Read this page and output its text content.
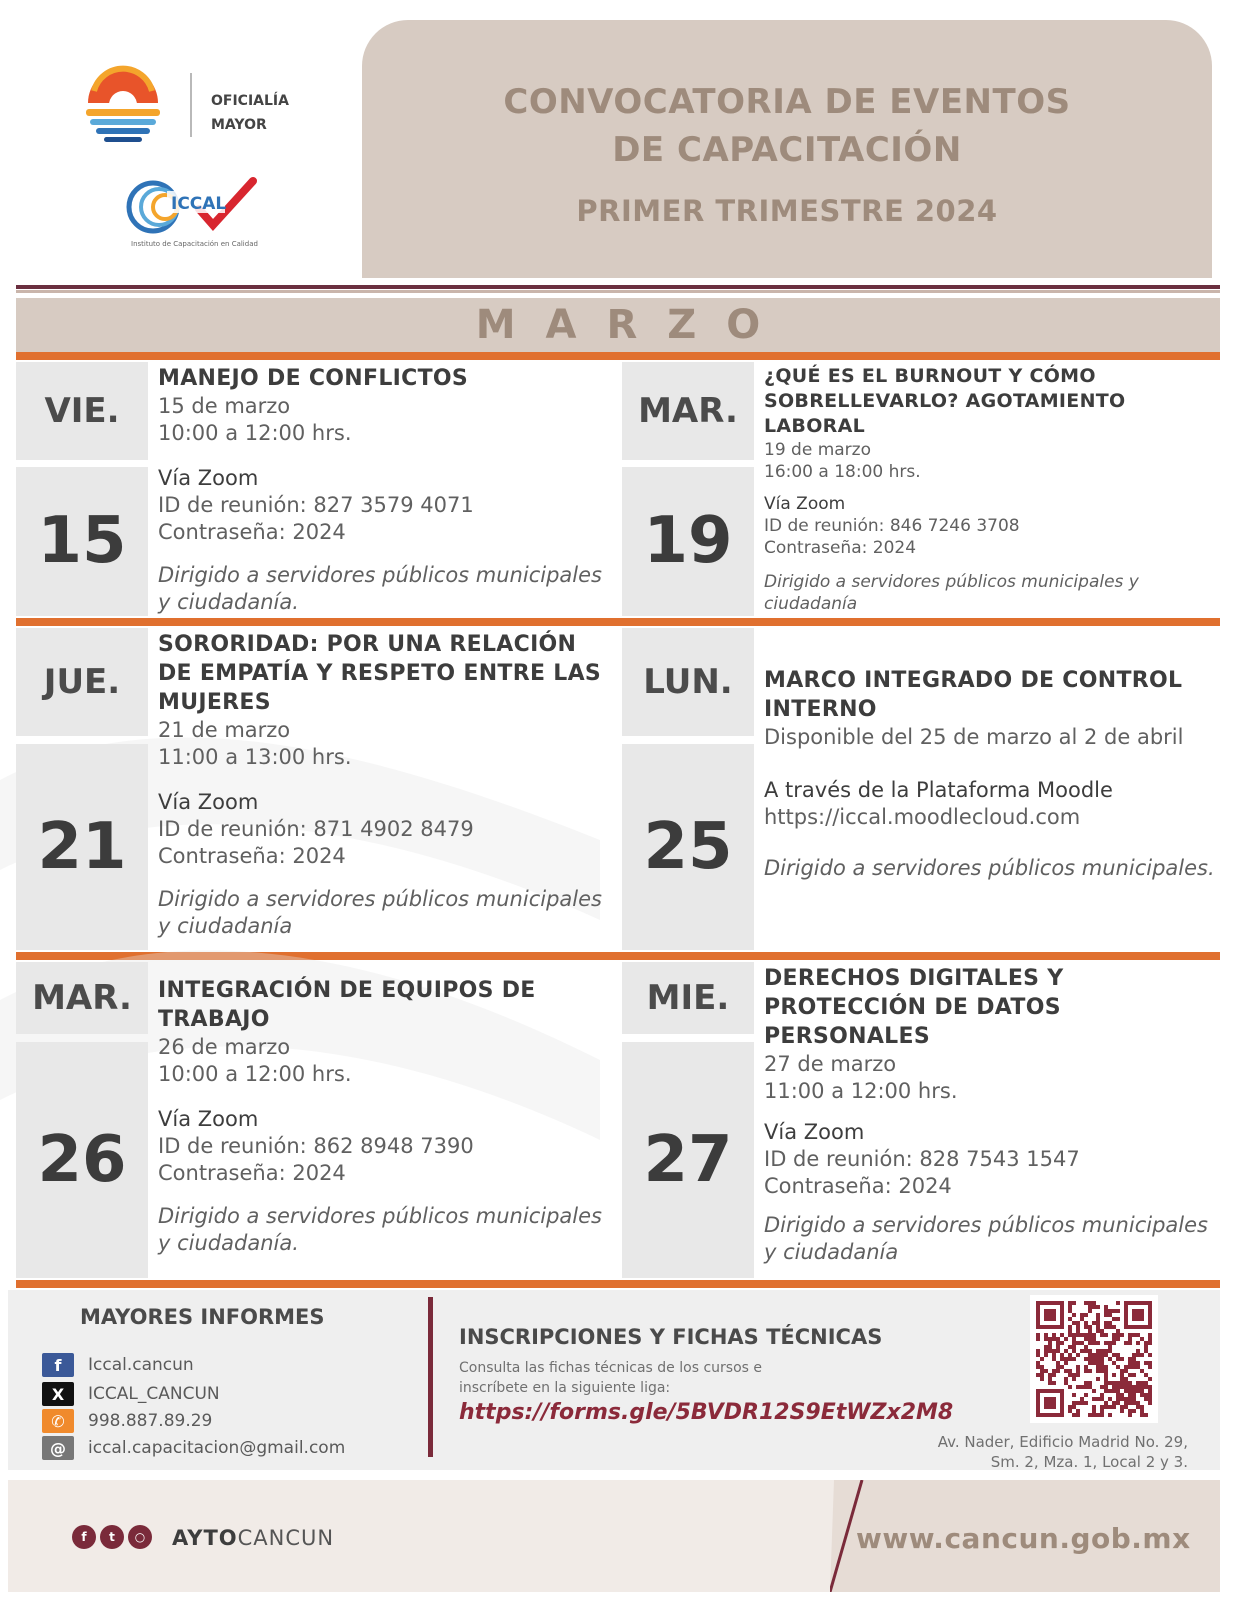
OFICIALÍA
MAYOR
ICCAL
Instituto de Capacitación en Calidad
CONVOCATORIA DE EVENTOS
DE CAPACITACIÓN
PRIMER TRIMESTRE 2024
MARZO
VIE.
15
MANEJO DE CONFLICTOS
15 de marzo
10:00 a 12:00 hrs.
Vía Zoom
ID de reunión: 827 3579 4071
Contraseña: 2024
Dirigido a servidores públicos municipales y ciudadanía.
MAR.
19
¿QUÉ ES EL BURNOUT Y CÓMO SOBRELLEVARLO? AGOTAMIENTO LABORAL
19 de marzo
16:00 a 18:00 hrs.
Vía Zoom
ID de reunión: 846 7246 3708
Contraseña: 2024
Dirigido a servidores públicos municipales y ciudadanía
JUE.
21
SORORIDAD: POR UNA RELACIÓN DE EMPATÍA Y RESPETO ENTRE LAS MUJERES
21 de marzo
11:00 a 13:00 hrs.
Vía Zoom
ID de reunión: 871 4902 8479
Contraseña: 2024
Dirigido a servidores públicos municipales y ciudadanía
LUN.
25
MARCO INTEGRADO DE CONTROL INTERNO
Disponible del 25 de marzo al 2 de abril
A través de la Plataforma Moodle
https://iccal.moodlecloud.com
Dirigido a servidores públicos municipales.
MAR.
26
INTEGRACIÓN DE EQUIPOS DE TRABAJO
26 de marzo
10:00 a 12:00 hrs.
Vía Zoom
ID de reunión: 862 8948 7390
Contraseña: 2024
Dirigido a servidores públicos municipales y ciudadanía.
MIE.
27
DERECHOS DIGITALES Y PROTECCIÓN DE DATOS PERSONALES
27 de marzo
11:00 a 12:00 hrs.
Vía Zoom
ID de reunión: 828 7543 1547
Contraseña: 2024
Dirigido a servidores públicos municipales y ciudadanía
MAYORES INFORMES
f	Iccal.cancun
X	ICCAL_CANCUN
✆	998.887.89.29
@	iccal.capacitacion@gmail.com
INSCRIPCIONES Y FICHAS TÉCNICAS
Consulta las fichas técnicas de los cursos e inscríbete en la siguiente liga:
https://forms.gle/5BVDR12S9EtWZx2M8
Av. Nader, Edificio Madrid No. 29,
Sm. 2, Mza. 1, Local 2 y 3.
f	t	○	AYTOCANCUN	www.cancun.gob.mx
